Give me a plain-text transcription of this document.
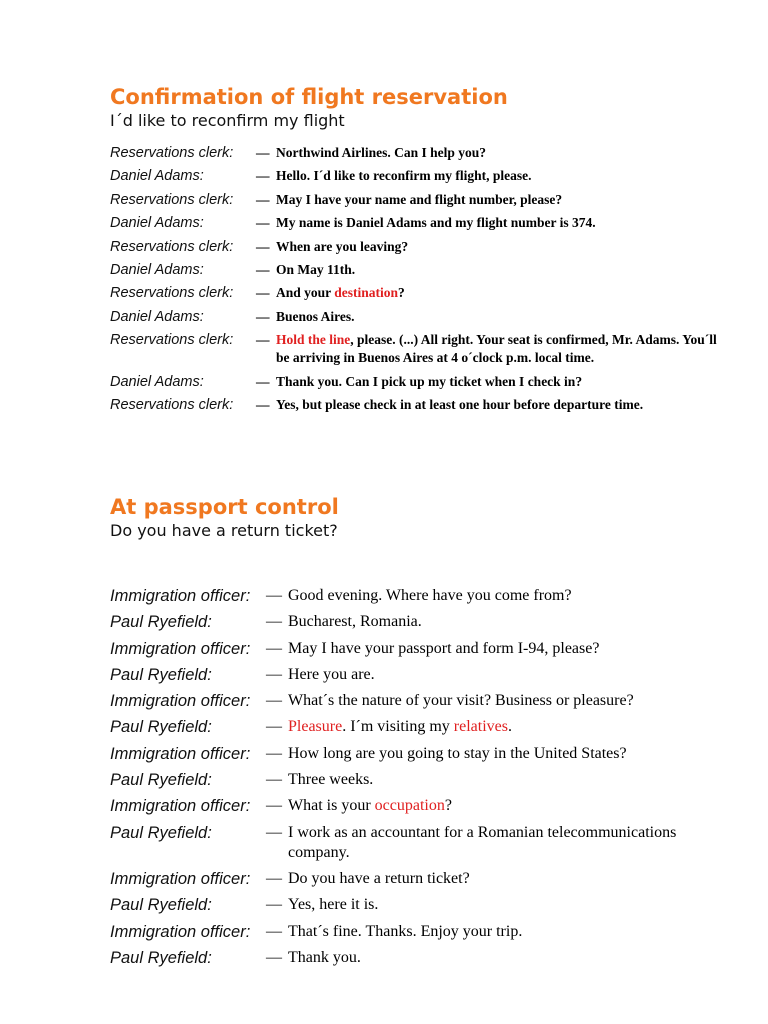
Confirmation of flight reservation

I´d like to reconfirm my flight

Reservations clerk:	— Northwind Airlines. Can I help you?
Daniel Adams:	— Hello. I´d like to reconfirm my flight, please.
Reservations clerk:	— May I have your name and flight number, please?
Daniel Adams:	— My name is Daniel Adams and my flight number is 374.
Reservations clerk:	— When are you leaving?
Daniel Adams:	— On May 11th.
Reservations clerk:	— And your destination?
Daniel Adams:	— Buenos Aires.
Reservations clerk:	— Hold the line, please. (...) All right. Your seat is confirmed, Mr. Adams. You´ll be arriving in Buenos Aires at 4 o´clock p.m. local time.
Daniel Adams:	— Thank you. Can I pick up my ticket when I check in?
Reservations clerk:	— Yes, but please check in at least one hour before departure time.
At passport control

Do you have a return ticket?

Immigration officer: — Good evening. Where have you come from?
Paul Ryefield:	— Bucharest, Romania.
Immigration officer: — May I have your passport and form I-94, please?
Paul Ryefield:	— Here you are.
Immigration officer: — What´s the nature of your visit? Business or pleasure?
Paul Ryefield:	— Pleasure. I´m visiting my relatives.
Immigration officer: — How long are you going to stay in the United States?
Paul Ryefield:	— Three weeks.
Immigration officer: — What is your occupation?
Paul Ryefield:	— I work as an accountant for a Romanian telecommunications company.
Immigration officer: — Do you have a return ticket?
Paul Ryefield:	— Yes, here it is.
Immigration officer: — That´s fine. Thanks. Enjoy your trip.
Paul Ryefield:	— Thank you.
